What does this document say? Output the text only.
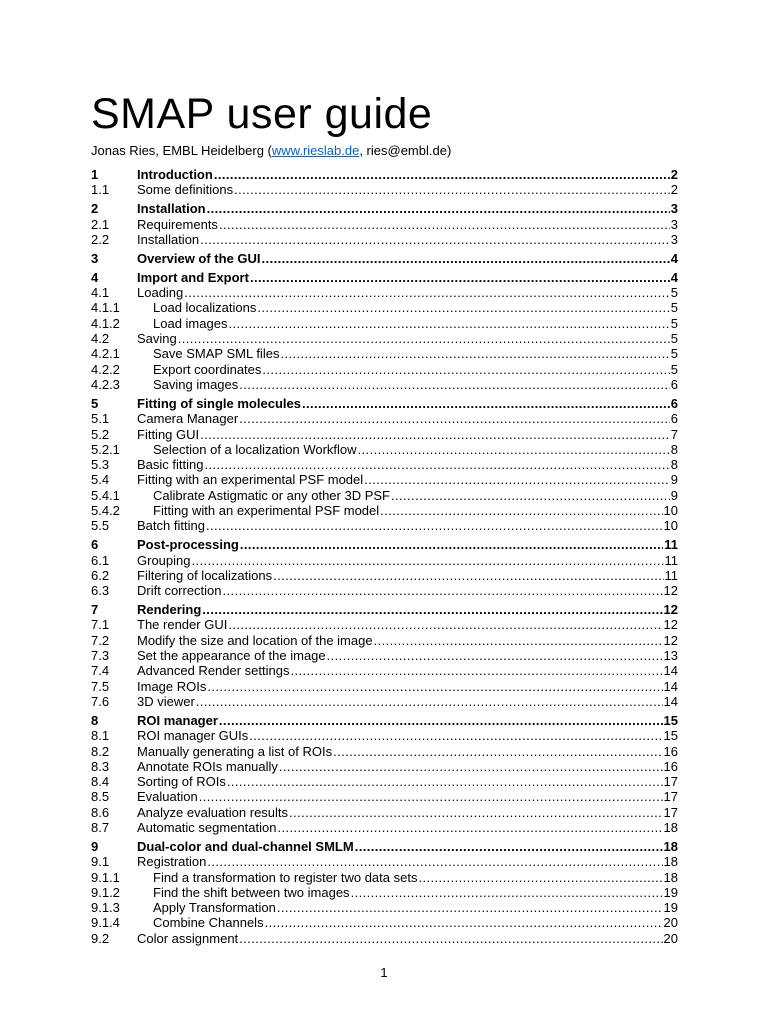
SMAP user guide
Jonas Ries, EMBL Heidelberg (www.rieslab.de, ries@embl.de)
1	Introduction .....	2
1.1 Some definitions .....	2
2	Installation .....	3
2.1 Requirements .....	3
2.2 Installation .....	3
3	Overview of the GUI .....	4
4	Import and Export .....	4
4.1 Loading .....	5
4.1.1	Load localizations .....	5
4.1.2	Load images .....	5
4.2 Saving .....	5
4.2.1	Save SMAP SML files .....	5
4.2.2	Export coordinates .....	5
4.2.3	Saving images .....	6
5	Fitting of single molecules .....	6
5.1 Camera Manager .....	6
5.2 Fitting GUI .....	7
5.2.1	Selection of a localization Workflow .....	8
5.3 Basic fitting .....	8
5.4 Fitting with an experimental PSF model .....	9
5.4.1	Calibrate Astigmatic or any other 3D PSF .....	9
5.4.2	Fitting with an experimental PSF model .....	10
5.5 Batch fitting .....	10
6	Post-processing .....	11
6.1 Grouping .....	11
6.2 Filtering of localizations .....	11
6.3 Drift correction .....	12
7	Rendering .....	12
7.1 The render GUI .....	12
7.2 Modify the size and location of the image .....	12
7.3 Set the appearance of the image .....	13
7.4 Advanced Render settings .....	14
7.5 Image ROIs .....	14
7.6 3D viewer .....	14
8	ROI manager .....	15
8.1 ROI manager GUIs .....	15
8.2 Manually generating a list of ROIs .....	16
8.3 Annotate ROIs manually .....	16
8.4 Sorting of ROIs .....	17
8.5 Evaluation .....	17
8.6 Analyze evaluation results .....	17
8.7 Automatic segmentation .....	18
9	Dual-color and dual-channel SMLM .....	18
9.1 Registration .....	18
9.1.1	Find a transformation to register two data sets .....	18
9.1.2	Find the shift between two images .....	19
9.1.3	Apply Transformation .....	19
9.1.4	Combine Channels .....	20
9.2 Color assignment .....	20
1
